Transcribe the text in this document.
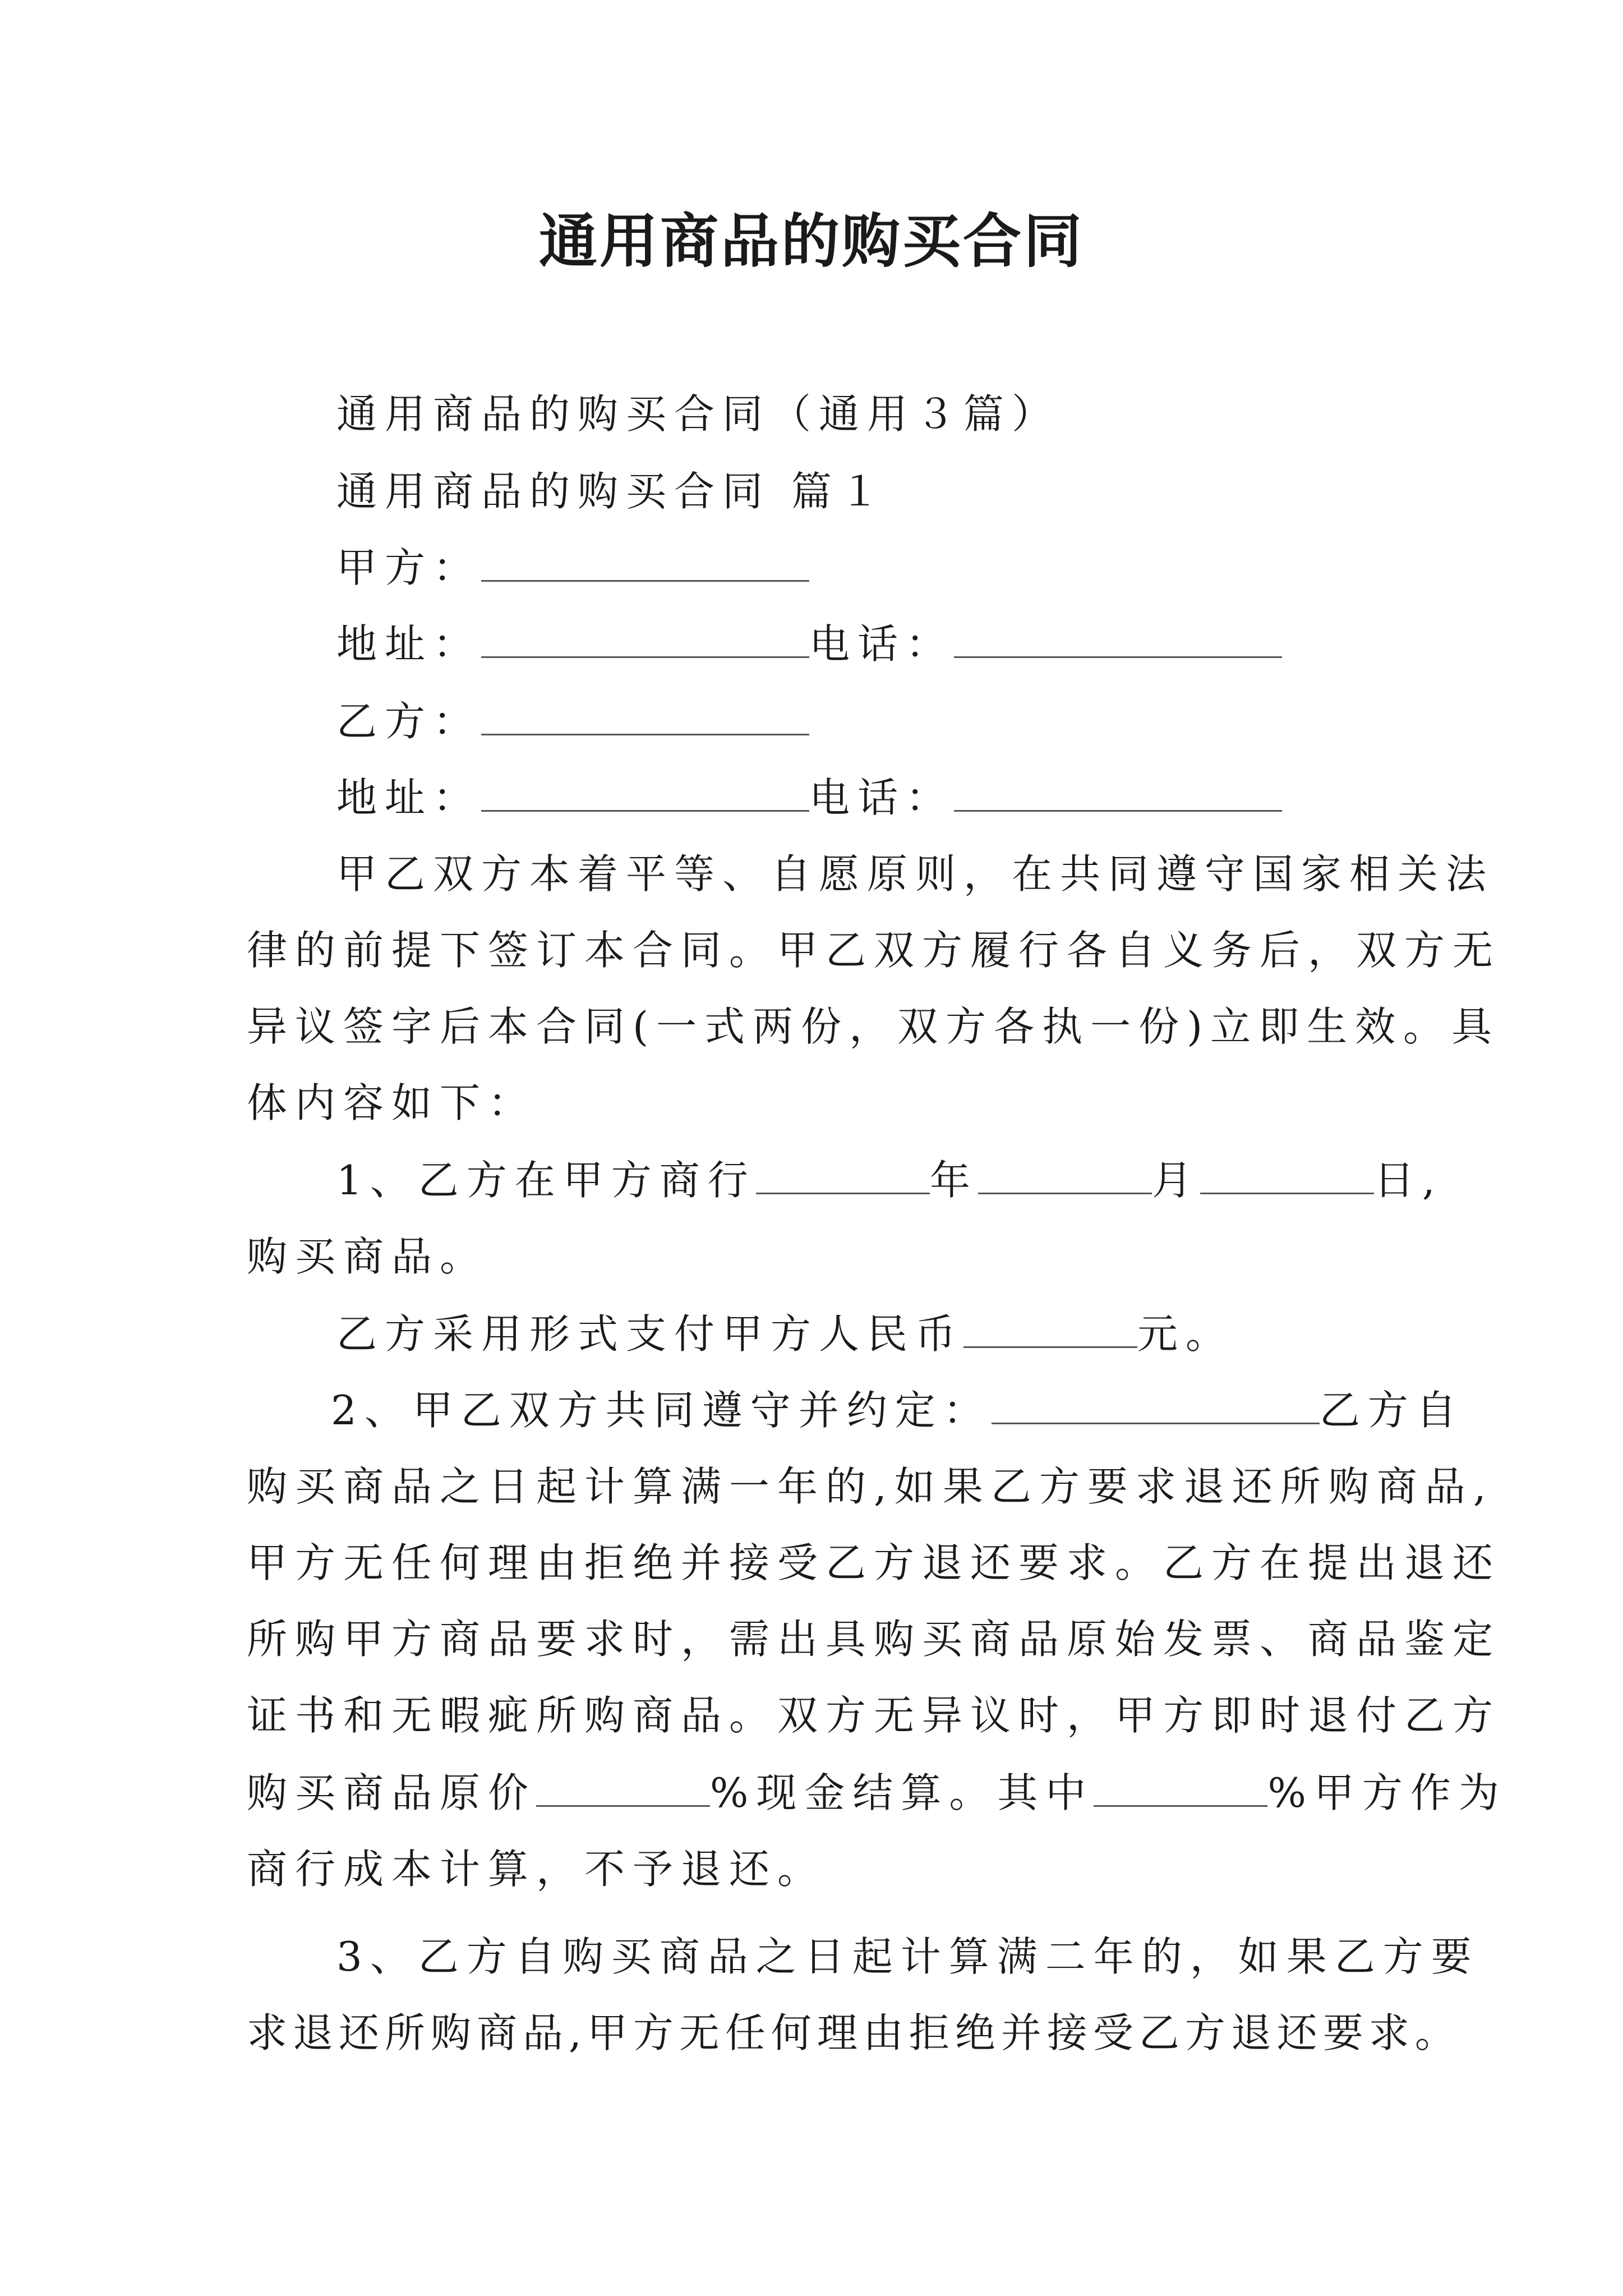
通用商品的购买合同
通用商品的购买合同（通用３篇）
通用商品的购买合同 篇１
甲方：
地址：	电话：
乙方：
地址：	电话：
甲乙双方本着平等、自愿原则，在共同遵守国家相关法
律的前提下签订本合同。甲乙双方履行各自义务后，双方无
异议签字后本合同(一式两份，双方各执一份)立即生效。具
体内容如下：
1、乙方在甲方商行	年	月	日,
购买商品。
乙方采用形式支付甲方人民币	元。
2、甲乙双方共同遵守并约定：	乙方自
购买商品之日起计算满一年的,如果乙方要求退还所购商品,
甲方无任何理由拒绝并接受乙方退还要求。乙方在提出退还
所购甲方商品要求时，需出具购买商品原始发票、商品鉴定
证书和无暇疵所购商品。双方无异议时，甲方即时退付乙方
购买商品原价	%现金结算。其中	%甲方作为
商行成本计算，不予退还。
3、乙方自购买商品之日起计算满二年的，如果乙方要
求退还所购商品,甲方无任何理由拒绝并接受乙方退还要求。
